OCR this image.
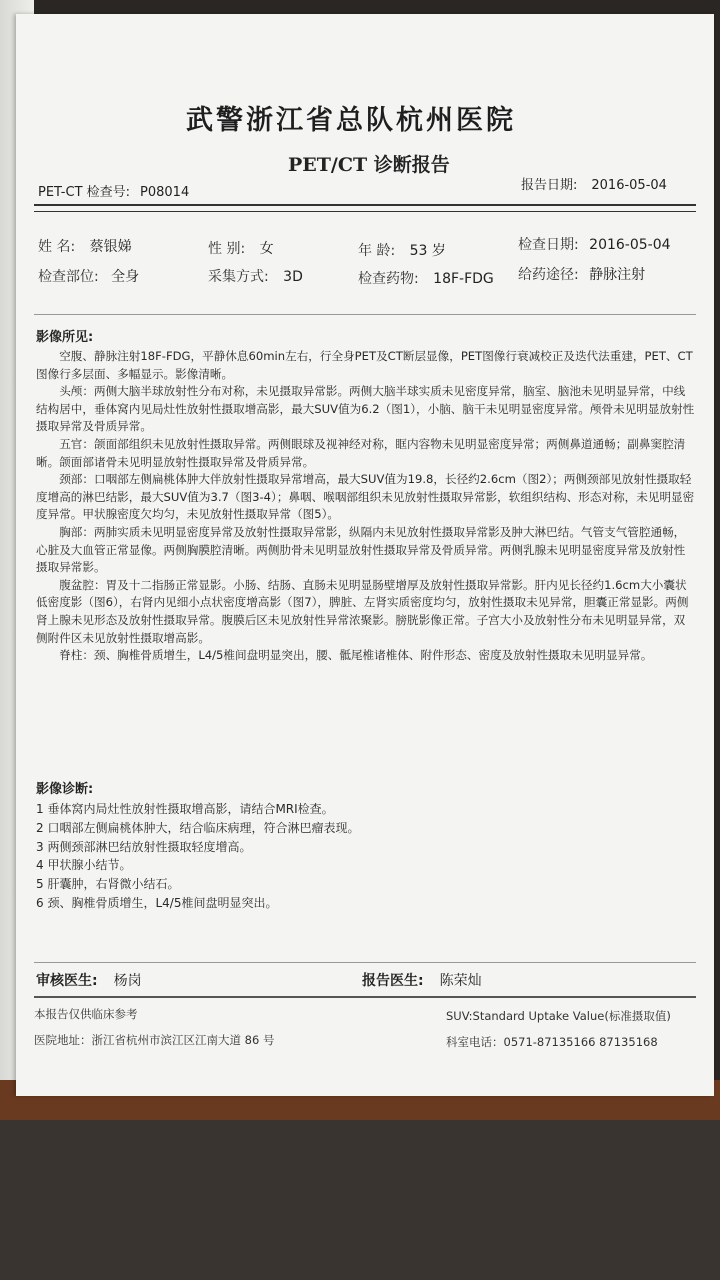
武警浙江省总队杭州医院
PET/CT 诊断报告
PET-CT 检查号: P08014	报告日期: 2016-05-04
姓 名: 蔡银娣	性 别: 女	年 龄: 53 岁	检查日期: 2016-05-04
检查部位: 全身	采集方式: 3D	检查药物: 18F-FDG 给药途径: 静脉注射
影像所见:

空腹、静脉注射18F-FDG，平静休息60min左右，行全身PET及CT断层显像，PET图像行衰减校正及迭代法重建，PET、CT图像行多层面、多幅显示。影像清晰。

头颅：两侧大脑半球放射性分布对称，未见摄取异常影。两侧大脑半球实质未见密度异常，脑室、脑池未见明显异常，中线结构居中，垂体窝内见局灶性放射性摄取增高影，最大SUV值为6.2（图1），小脑、脑干未见明显密度异常。颅骨未见明显放射性摄取异常及骨质异常。

五官：颌面部组织未见放射性摄取异常。两侧眼球及视神经对称，眶内容物未见明显密度异常；两侧鼻道通畅；副鼻窦腔清晰。颌面部诸骨未见明显放射性摄取异常及骨质异常。

颈部：口咽部左侧扁桃体肿大伴放射性摄取异常增高，最大SUV值为19.8，长径约2.6cm（图2）；两侧颈部见放射性摄取轻度增高的淋巴结影，最大SUV值为3.7（图3-4）；鼻咽、喉咽部组织未见放射性摄取异常影，软组织结构、形态对称，未见明显密度异常。甲状腺密度欠均匀，未见放射性摄取异常（图5）。

胸部：两肺实质未见明显密度异常及放射性摄取异常影，纵隔内未见放射性摄取异常影及肿大淋巴结。气管支气管腔通畅，心脏及大血管正常显像。两侧胸膜腔清晰。两侧肋骨未见明显放射性摄取异常及骨质异常。两侧乳腺未见明显密度异常及放射性摄取异常影。

腹盆腔：胃及十二指肠正常显影。小肠、结肠、直肠未见明显肠壁增厚及放射性摄取异常影。肝内见长径约1.6cm大小囊状低密度影（图6），右肾内见细小点状密度增高影（图7），脾脏、左肾实质密度均匀，放射性摄取未见异常，胆囊正常显影。两侧肾上腺未见形态及放射性摄取异常。腹膜后区未见放射性异常浓聚影。膀胱影像正常。子宫大小及放射性分布未见明显异常，双侧附件区未见放射性摄取增高影。

脊柱：颈、胸椎骨质增生，L4/5椎间盘明显突出，腰、骶尾椎诸椎体、附件形态、密度及放射性摄取未见明显异常。

影像诊断:
1 垂体窝内局灶性放射性摄取增高影，请结合MRI检查。
2 口咽部左侧扁桃体肿大，结合临床病理，符合淋巴瘤表现。
3 两侧颈部淋巴结放射性摄取轻度增高。
4 甲状腺小结节。
5 肝囊肿，右肾微小结石。
6 颈、胸椎骨质增生，L4/5椎间盘明显突出。
审核医生: 杨岗	报告医生: 陈荣灿
本报告仅供临床参考	SUV:Standard Uptake Value(标准摄取值)
医院地址：浙江省杭州市滨江区江南大道 86 号	科室电话：0571-87135166 87135168
